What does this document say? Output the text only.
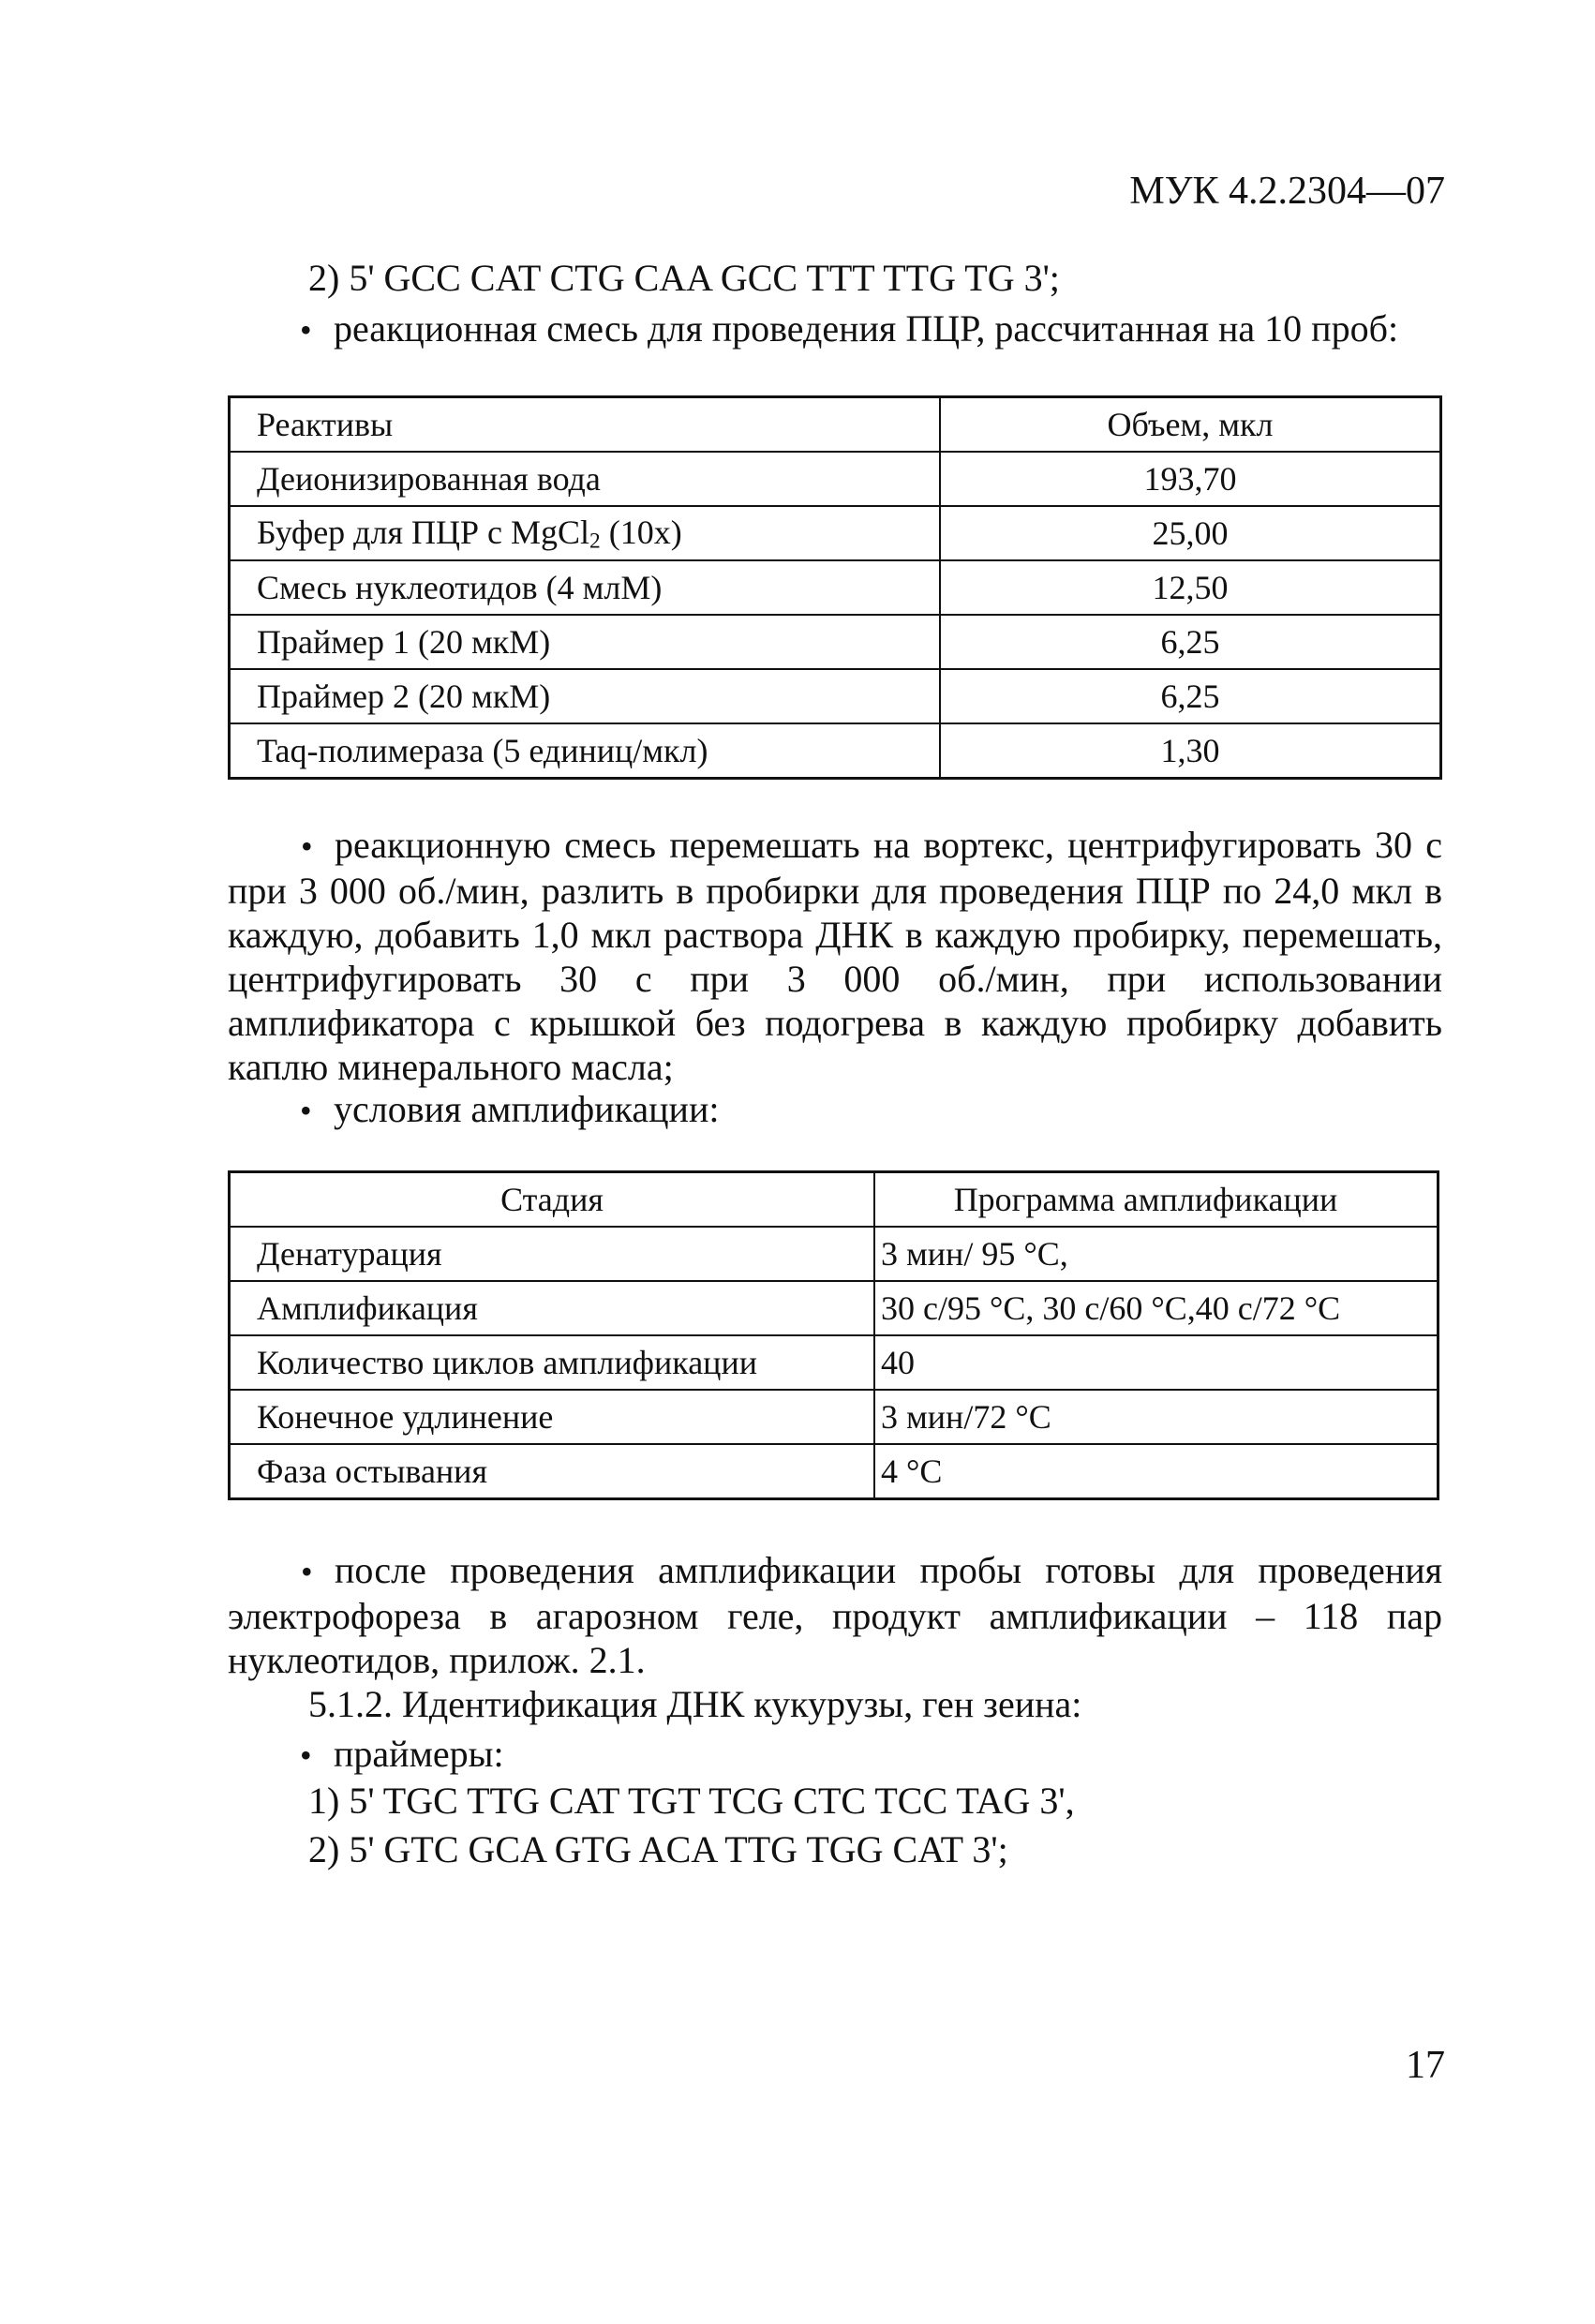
МУК 4.2.2304—07
2) 5' GCC CAT CTG CAA GCC TTT TTG TG 3';
• реакционная смесь для проведения ПЦР, рассчитанная на 10 проб:
Реактивы	Объем, мкл
Деионизированная вода	193,70
Буфер для ПЦР с MgCl$_2$ (10х)	25,00
Смесь нуклеотидов (4 млМ)	12,50
Праймер 1 (20 мкМ)	6,25
Праймер 2 (20 мкМ)	6,25
Taq-полимераза (5 единиц/мкл)	1,30
• реакционную смесь перемешать на вортекс, центрифугировать 30 с при 3 000 об./мин, разлить в пробирки для проведения ПЦР по 24,0 мкл в каждую, добавить 1,0 мкл раствора ДНК в каждую пробирку, перемешать, центрифугировать 30 с при 3 000 об./мин, при использовании амплификатора с крышкой без подогрева в каждую пробирку добавить каплю минерального масла;
• условия амплификации:
Стадия	Программа амплификации
Денатурация	3 мин/ 95 °С,
Амплификация	30 с/95 °С, 30 с/60 °С,40 с/72 °С
Количество циклов амплификации	40
Конечное удлинение	3 мин/72 °С
Фаза остывания	4 °С
• после проведения амплификации пробы готовы для проведения электрофореза в агарозном геле, продукт амплификации – 118 пар нуклеотидов, прилож. 2.1.
5.1.2. Идентификация ДНК кукурузы, ген зеина:
• праймеры:
1) 5' TGC TTG CAT TGT TCG CTC TCC TAG 3',
2) 5' GTC GCA GTG ACA TTG TGG CAT 3';
17
